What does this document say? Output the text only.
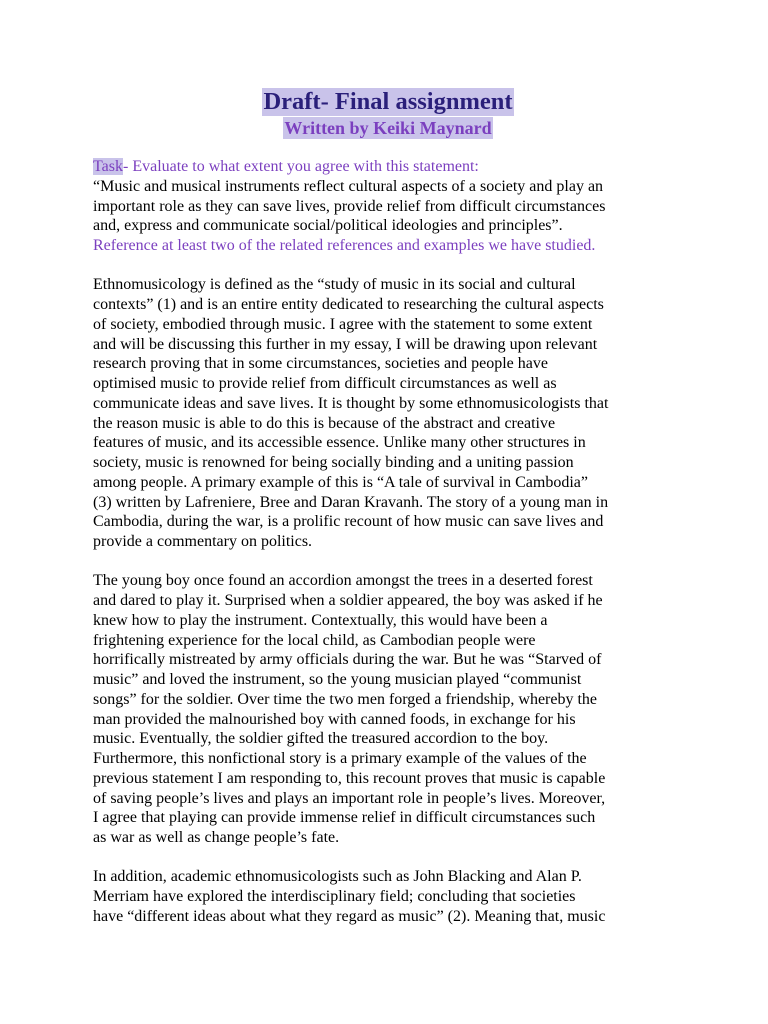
Draft- Final assignment
Written by Keiki Maynard
Task- Evaluate to what extent you agree with this statement:
“Music and musical instruments reflect cultural aspects of a society and play an
important role as they can save lives, provide relief from difficult circumstances
and, express and communicate social/political ideologies and principles”.
Reference at least two of the related references and examples we have studied.

Ethnomusicology is defined as the “study of music in its social and cultural
contexts” (1) and is an entire entity dedicated to researching the cultural aspects
of society, embodied through music. I agree with the statement to some extent
and will be discussing this further in my essay, I will be drawing upon relevant
research proving that in some circumstances, societies and people have
optimised music to provide relief from difficult circumstances as well as
communicate ideas and save lives. It is thought by some ethnomusicologists that
the reason music is able to do this is because of the abstract and creative
features of music, and its accessible essence. Unlike many other structures in
society, music is renowned for being socially binding and a uniting passion
among people. A primary example of this is “A tale of survival in Cambodia”
(3) written by Lafreniere, Bree and Daran Kravanh. The story of a young man in
Cambodia, during the war, is a prolific recount of how music can save lives and
provide a commentary on politics.

The young boy once found an accordion amongst the trees in a deserted forest
and dared to play it. Surprised when a soldier appeared, the boy was asked if he
knew how to play the instrument. Contextually, this would have been a
frightening experience for the local child, as Cambodian people were
horrifically mistreated by army officials during the war. But he was “Starved of
music” and loved the instrument, so the young musician played “communist
songs” for the soldier. Over time the two men forged a friendship, whereby the
man provided the malnourished boy with canned foods, in exchange for his
music. Eventually, the soldier gifted the treasured accordion to the boy.
Furthermore, this nonfictional story is a primary example of the values of the
previous statement I am responding to, this recount proves that music is capable
of saving people’s lives and plays an important role in people’s lives. Moreover,
I agree that playing can provide immense relief in difficult circumstances such
as war as well as change people’s fate.

In addition, academic ethnomusicologists such as John Blacking and Alan P.
Merriam have explored the interdisciplinary field; concluding that societies
have “different ideas about what they regard as music” (2). Meaning that, music
